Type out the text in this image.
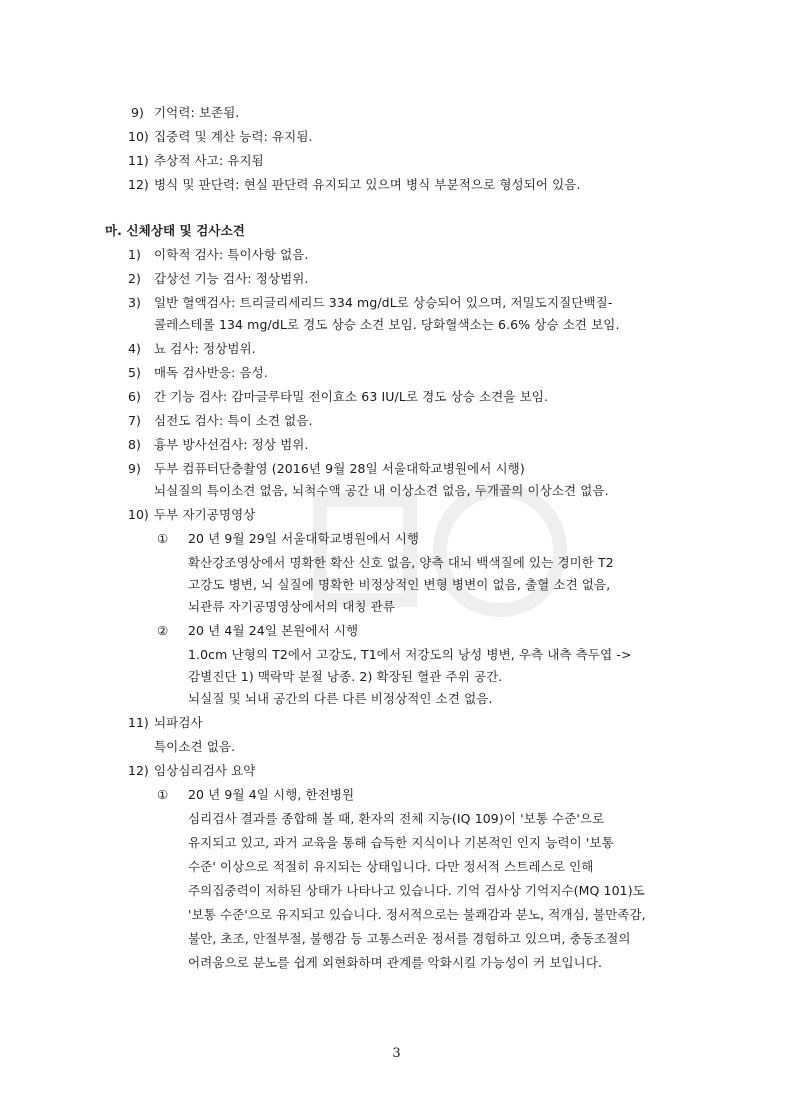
9) 기억력: 보존됨.
10) 집중력 및 계산 능력: 유지됨.
11) 추상적 사고: 유지됨
12) 병식 및 판단력: 현실 판단력 유지되고 있으며 병식 부분적으로 형성되어 있음.
마. 신체상태 및 검사소견
1) 이학적 검사: 특이사항 없음.
2) 갑상선 기능 검사: 정상범위.
3) 일반 혈액검사: 트리글리세리드 334 mg/dL로 상승되어 있으며, 저밀도지질단백질-
콜레스테롤 134 mg/dL로 경도 상승 소견 보임. 당화혈색소는 6.6% 상승 소견 보임.
4) 뇨 검사: 정상범위.
5) 매독 검사반응: 음성.
6) 간 기능 검사: 감마글루타밀 전이효소 63 IU/L로 경도 상승 소견을 보임.
7) 심전도 검사: 특이 소견 없음.
8) 흉부 방사선검사: 정상 범위.
9) 두부 컴퓨터단층촬영 (2016년 9월 28일 서울대학교병원에서 시행)
뇌실질의 특이소견 없음, 뇌척수액 공간 내 이상소견 없음, 두개골의 이상소견 없음.
10) 두부 자기공명영상
① 20 년 9월 29일 서울대학교병원에서 시행
확산강조영상에서 명확한 확산 신호 없음, 양측 대뇌 백색질에 있는 경미한 T2
고강도 병변, 뇌 실질에 명확한 비정상적인 변형 병변이 없음, 출혈 소견 없음,
뇌관류 자기공명영상에서의 대칭 관류
② 20 년 4월 24일 본원에서 시행
1.0cm 난형의 T2에서 고강도, T1에서 저강도의 낭성 병변, 우측 내측 측두엽 ->
감별진단 1) 맥락막 분절 낭종. 2) 확장된 혈관 주위 공간.
뇌실질 및 뇌내 공간의 다른 다른 비정상적인 소견 없음.
11) 뇌파검사
특이소견 없음.
12) 임상심리검사 요약
① 20 년 9월 4일 시행, 한전병원
심리검사 결과를 종합해 볼 때, 환자의 전체 지능(IQ 109)이 '보통 수준'으로
유지되고 있고, 과거 교육을 통해 습득한 지식이나 기본적인 인지 능력이 '보통
수준' 이상으로 적절히 유지되는 상태입니다. 다만 정서적 스트레스로 인해
주의집중력이 저하된 상태가 나타나고 있습니다. 기억 검사상 기억지수(MQ 101)도
'보통 수준'으로 유지되고 있습니다. 정서적으로는 불쾌감과 분노, 적개심, 불만족감,
불안, 초조, 안절부절, 불행감 등 고통스러운 정서를 경험하고 있으며, 충동조절의
어려움으로 분노를 쉽게 외현화하며 관계를 악화시킬 가능성이 커 보입니다.
3
